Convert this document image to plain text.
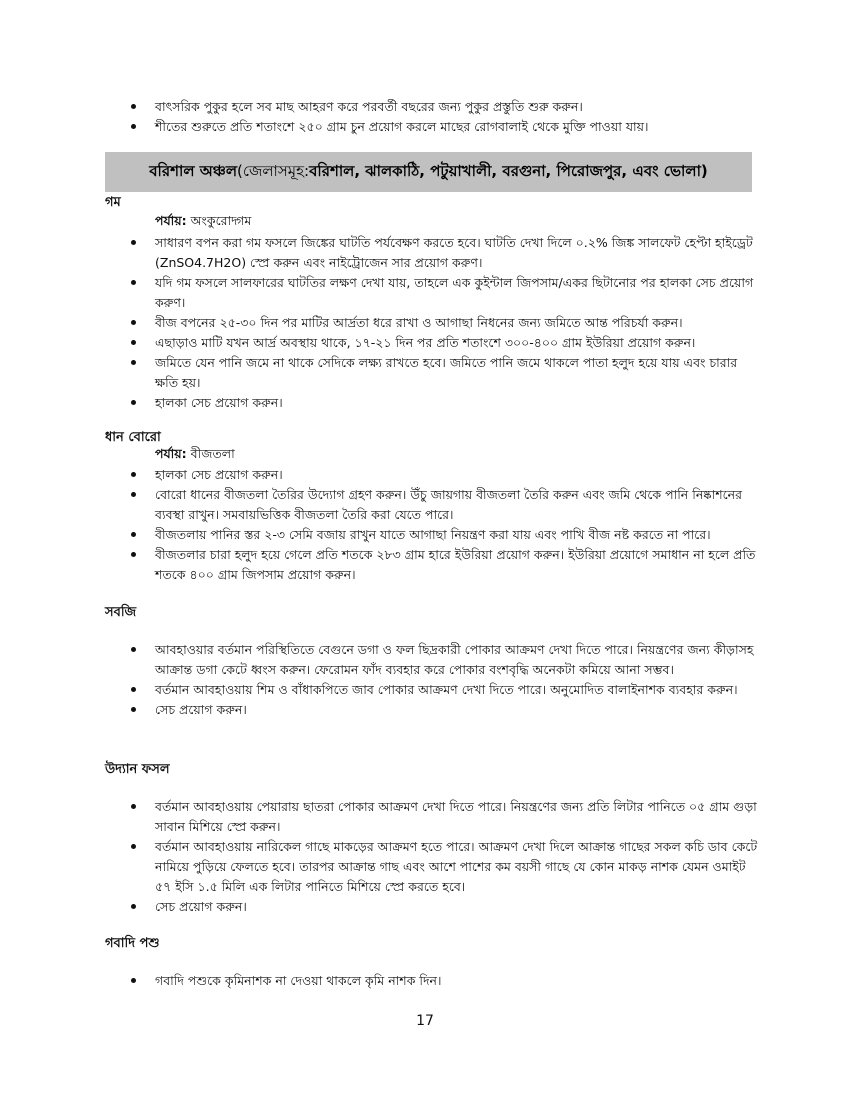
বাৎসরিক পুকুর হলে সব মাছ আহরণ করে পরবর্তী বছরের জন্য পুকুর প্রস্তুতি শুরু করুন।
শীতের শুরুতে প্রতি শতাংশে ২৫০ গ্রাম চুন প্রয়োগ করলে মাছের রোগবালাই থেকে মুক্তি পাওয়া যায়।
বরিশাল অঞ্চল (জেলাসমূহ: বরিশাল, ঝালকাঠি, পটুয়াখালী, বরগুনা, পিরোজপুর, এবং ভোলা)
গম
পর্যায়: অংকুরোদ্গম
সাধারণ বপন করা গম ফসলে জিঙ্কের ঘাটতি পর্যবেক্ষণ করতে হবে। ঘাটতি দেখা দিলে ০.২% জিঙ্ক সালফেট হেপ্টা হাইড্রেট (ZnSO4.7H2O) স্প্রে করুন এবং নাইট্রোজেন সার প্রয়োগ করুণ।
যদি গম ফসলে সালফারের ঘাটতির লক্ষণ দেখা যায়, তাহলে এক কুইন্টাল জিপসাম/একর ছিটানোর পর হালকা সেচ প্রয়োগ করুণ।
বীজ বপনের ২৫-৩০ দিন পর মাটির আর্দ্রতা ধরে রাখা ও আগাছা নিধনের জন্য জমিতে আন্ত পরিচর্যা করুন।
এছাড়াও মাটি যখন আর্দ্র অবস্থায় থাকে, ১৭-২১ দিন পর প্রতি শতাংশে ৩০০-৪০০ গ্রাম ইউরিয়া প্রয়োগ করুন।
জমিতে যেন পানি জমে না থাকে সেদিকে লক্ষ্য রাখতে হবে। জমিতে পানি জমে থাকলে পাতা হলুদ হয়ে যায় এবং চারার ক্ষতি হয়।
হালকা সেচ প্রয়োগ করুন।
ধান বোরো
পর্যায়: বীজতলা
হালকা সেচ প্রয়োগ করুন।
বোরো ধানের বীজতলা তৈরির উদ্যোগ গ্রহণ করুন। উঁচু জায়গায় বীজতলা তৈরি করুন এবং জমি থেকে পানি নিষ্কাশনের ব্যবস্থা রাখুন। সমবায়ভিত্তিক বীজতলা তৈরি করা যেতে পারে।
বীজতলায় পানির স্তর ২-৩ সেমি বজায় রাখুন যাতে আগাছা নিয়ন্ত্রণ করা যায় এবং পাখি বীজ নষ্ট করতে না পারে।
বীজতলার চারা হলুদ হয়ে গেলে প্রতি শতকে ২৮৩ গ্রাম হারে ইউরিয়া প্রয়োগ করুন। ইউরিয়া প্রয়োগে সমাধান না হলে প্রতি শতকে ৪০০ গ্রাম জিপসাম প্রয়োগ করুন।
সবজি
আবহাওয়ার বর্তমান পরিস্থিতিতে বেগুনে ডগা ও ফল ছিদ্রকারী পোকার আক্রমণ দেখা দিতে পারে। নিয়ন্ত্রণের জন্য কীড়াসহ আক্রান্ত ডগা কেটে ধ্বংস করুন। ফেরোমন ফাঁদ ব্যবহার করে পোকার বংশবৃদ্ধি অনেকটা কমিয়ে আনা সম্ভব।
বর্তমান আবহাওয়ায় শিম ও বাঁধাকপিতে জাব পোকার আক্রমণ দেখা দিতে পারে। অনুমোদিত বালাইনাশক ব্যবহার করুন।
সেচ প্রয়োগ করুন।
উদ্যান ফসল
বর্তমান আবহাওয়ায় পেয়ারায় ছাতরা পোকার আক্রমণ দেখা দিতে পারে। নিয়ন্ত্রণের জন্য প্রতি লিটার পানিতে ০৫ গ্রাম গুড়া সাবান মিশিয়ে স্প্রে করুন।
বর্তমান আবহাওয়ায় নারিকেল গাছে মাকড়ের আক্রমণ হতে পারে। আক্রমণ দেখা দিলে আক্রান্ত গাছের সকল কচি ডাব কেটে নামিয়ে পুড়িয়ে ফেলতে হবে। তারপর আক্রান্ত গাছ এবং আশে পাশের কম বয়সী গাছে যে কোন মাকড় নাশক যেমন ওমাইট ৫৭ ইসি ১.৫ মিলি এক লিটার পানিতে মিশিয়ে স্প্রে করতে হবে।
সেচ প্রয়োগ করুন।
গবাদি পশু
গবাদি পশুকে কৃমিনাশক না দেওয়া থাকলে কৃমি নাশক দিন।
17
